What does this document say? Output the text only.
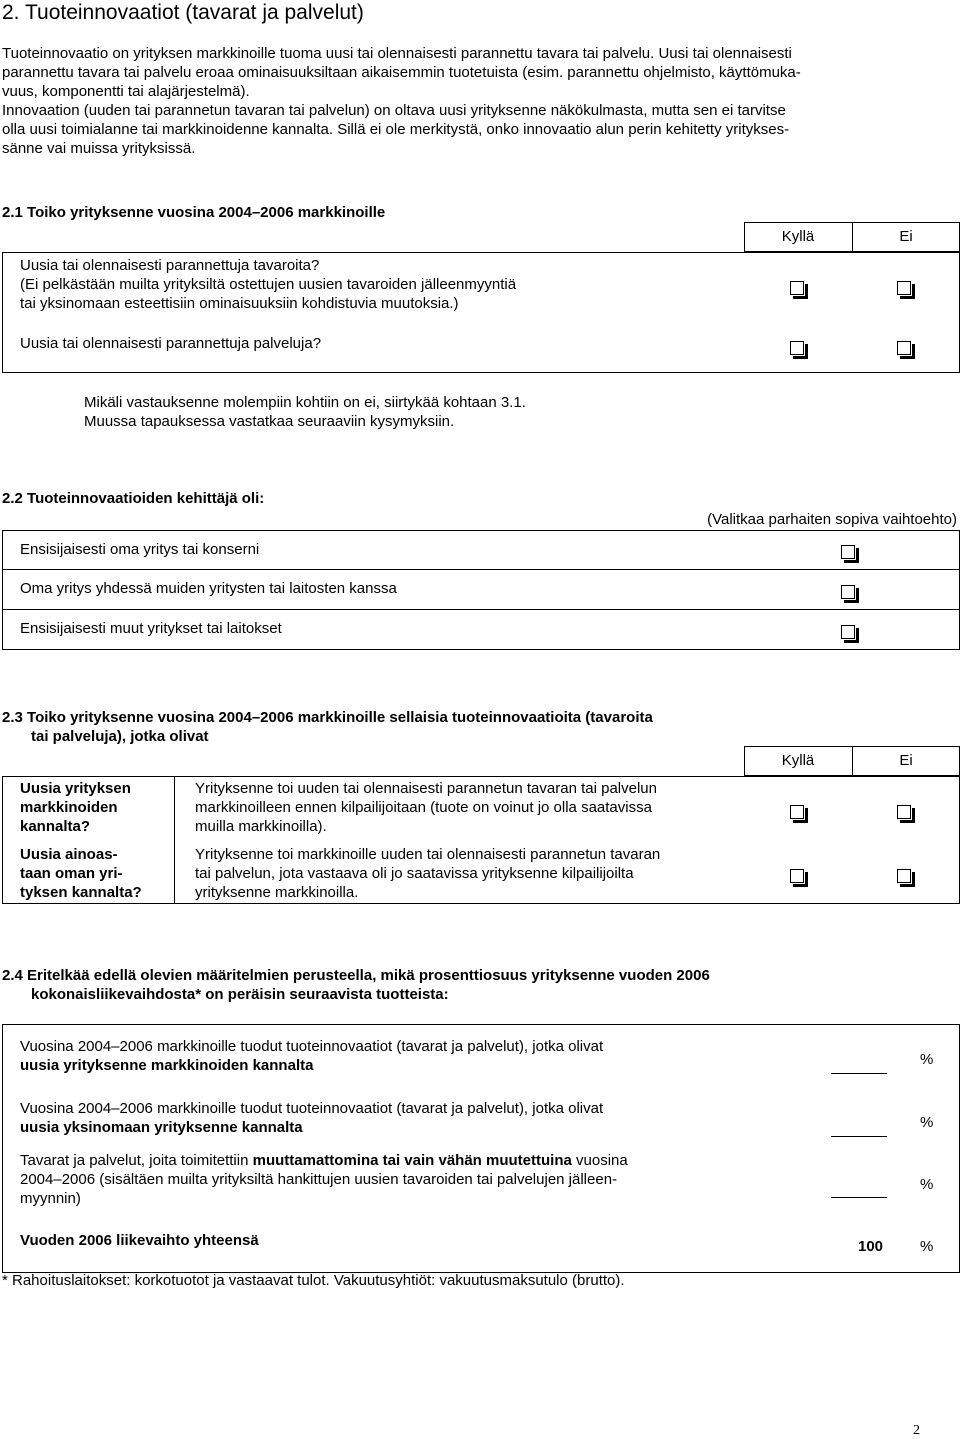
2. Tuoteinnovaatiot (tavarat ja palvelut)
Tuoteinnovaatio on yrityksen markkinoille tuoma uusi tai olennaisesti parannettu tavara tai palvelu. Uusi tai olennaisesti
parannettu tavara tai palvelu eroaa ominaisuuksiltaan aikaisemmin tuotetuista (esim. parannettu ohjelmisto, käyttömuka-
vuus, komponentti tai alajärjestelmä).
Innovaation (uuden tai parannetun tavaran tai palvelun) on oltava uusi yrityksenne näkökulmasta, mutta sen ei tarvitse
olla uusi toimialanne tai markkinoidenne kannalta. Sillä ei ole merkitystä, onko innovaatio alun perin kehitetty yritykses-
sänne vai muissa yrityksissä.
2.1 Toiko yrityksenne vuosina 2004–2006 markkinoille
Kyllä	Ei
Uusia tai olennaisesti parannettuja tavaroita?
(Ei pelkästään muilta yrityksiltä ostettujen uusien tavaroiden jälleenmyyntiä
tai yksinomaan esteettisiin ominaisuuksiin kohdistuvia muutoksia.)
Uusia tai olennaisesti parannettuja palveluja?
Mikäli vastauksenne molempiin kohtiin on ei, siirtykää kohtaan 3.1.
Muussa tapauksessa vastatkaa seuraaviin kysymyksiin.
2.2 Tuoteinnovaatioiden kehittäjä oli:
(Valitkaa parhaiten sopiva vaihtoehto)
Ensisijaisesti oma yritys tai konserni
Oma yritys yhdessä muiden yritysten tai laitosten kanssa
Ensisijaisesti muut yritykset tai laitokset
2.3 Toiko yrityksenne vuosina 2004–2006 markkinoille sellaisia tuoteinnovaatioita (tavaroita
tai palveluja), jotka olivat
Kyllä	Ei
Uusia yrityksen
markkinoiden
kannalta?
Yrityksenne toi uuden tai olennaisesti parannetun tavaran tai palvelun
markkinoilleen ennen kilpailijoitaan (tuote on voinut jo olla saatavissa
muilla markkinoilla).
Uusia ainoas-
taan oman yri-
tyksen kannalta?
Yrityksenne toi markkinoille uuden tai olennaisesti parannetun tavaran
tai palvelun, jota vastaava oli jo saatavissa yrityksenne kilpailijoilta
yrityksenne markkinoilla.
2.4 Eritelkää edellä olevien määritelmien perusteella, mikä prosenttiosuus yrityksenne vuoden 2006
kokonaisliikevaihdosta* on peräisin seuraavista tuotteista:
Vuosina 2004–2006 markkinoille tuodut tuoteinnovaatiot (tavarat ja palvelut), jotka olivat
uusia yrityksenne markkinoiden kannalta
Vuosina 2004–2006 markkinoille tuodut tuoteinnovaatiot (tavarat ja palvelut), jotka olivat
uusia yksinomaan yrityksenne kannalta
Tavarat ja palvelut, joita toimitettiin muuttamattomina tai vain vähän muutettuina vuosina
2004–2006 (sisältäen muilta yrityksiltä hankittujen uusien tavaroiden tai palvelujen jälleen-
myynnin)
Vuoden 2006 liikevaihto yhteensä
%
%
%
100 %
* Rahoituslaitokset: korkotuotot ja vastaavat tulot. Vakuutusyhtiöt: vakuutusmaksutulo (brutto).
2
